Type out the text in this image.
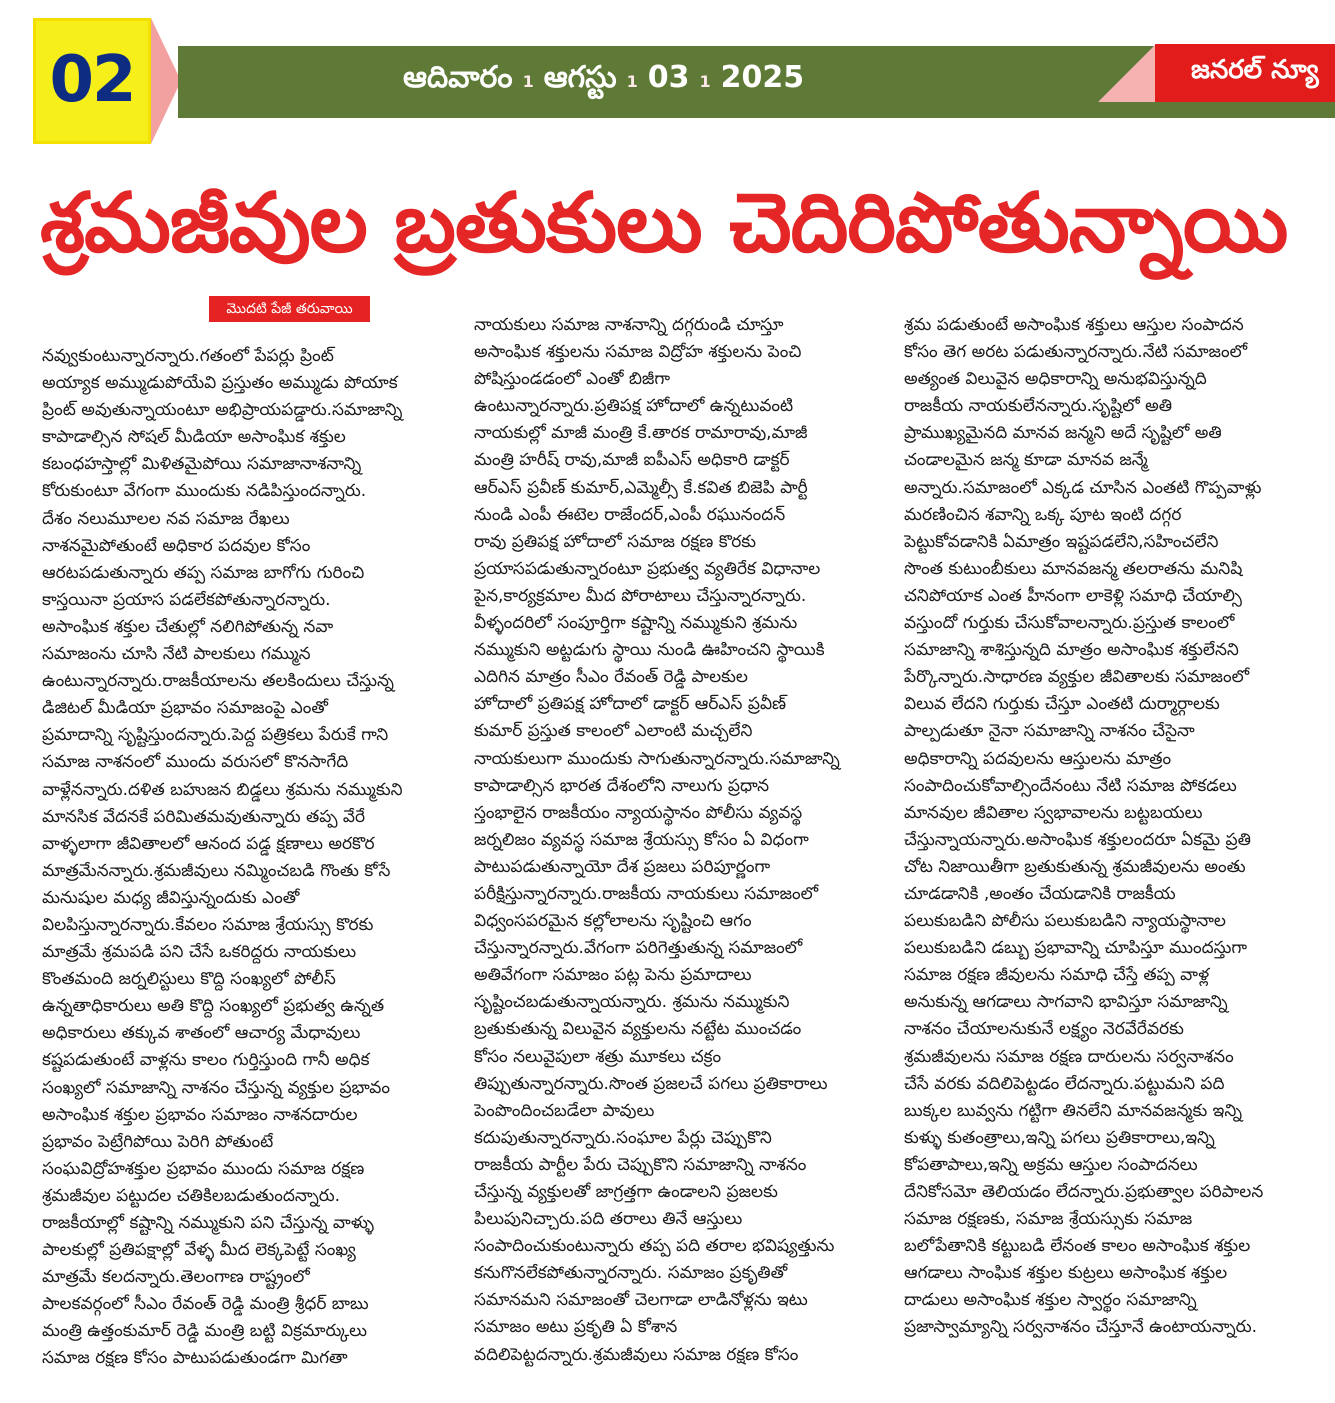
02	ఆదివారం 1 ఆగస్టు 1 03 1 2025	జనరల్ న్యూ
శ్రమజీవుల బ్రతుకులు చెదిరిపోతున్నాయి
మొదటి పేజీ తరువాయి
నవ్వుకుంటున్నారన్నారు.గతంలో పేపర్లు ప్రింట్
అయ్యాక అమ్ముడుపోయేవి ప్రస్తుతం అమ్ముడు పోయాక
ప్రింట్ అవుతున్నాయంటూ అభిప్రాయపడ్డారు.సమాజాన్ని
కాపాడాల్సిన సోషల్ మీడియా అసాంఘిక శక్తుల
కబంధహస్తాల్లో మిళితమైపోయి సమాజానాశనాన్ని
కోరుకుంటూ వేగంగా ముందుకు నడిపిస్తుందన్నారు.
దేశం నలుమూలల నవ సమాజ రేఖలు
నాశనమైపోతుంటే అధికార పదవుల కోసం
ఆరటపడుతున్నారు తప్ప సమాజ బాగోగు గురించి
కాస్తయినా ప్రయాస పడలేకపోతున్నారన్నారు.
అసాంఘిక శక్తుల చేతుల్లో నలిగిపోతున్న నవా
సమాజంను చూసి నేటి పాలకులు గమ్మున
ఉంటున్నారన్నారు.రాజకీయాలను తలకిందులు చేస్తున్న
డిజిటల్ మీడియా ప్రభావం సమాజంపై ఎంతో
ప్రమాదాన్ని సృష్టిస్తుందన్నారు.పెద్ద పత్రికలు పేరుకే గాని
సమాజ నాశనంలో ముందు వరుసలో కొనసాగేది
వాళ్లేనన్నారు.దళిత బహుజన బిడ్డలు శ్రమను నమ్ముకుని
మానసిక వేదనకే పరిమితమవుతున్నారు తప్ప వేరే
వాళ్ళలాగా జీవితాలలో ఆనంద పడ్డ క్షణాలు అరకొర
మాత్రమేనన్నారు.శ్రమజీవులు నమ్మించబడి గొంతు కోసే
మనుషుల మధ్య జీవిస్తున్నందుకు ఎంతో
విలపిస్తున్నారన్నారు.కేవలం సమాజ శ్రేయస్సు కొరకు
మాత్రమే శ్రమపడి పని చేసే ఒకరిద్దరు నాయకులు
కొంతమంది జర్నలిస్టులు కొద్ది సంఖ్యలో పోలీస్
ఉన్నతాధికారులు అతి కొద్ది సంఖ్యలో ప్రభుత్వ ఉన్నత
అధికారులు తక్కువ శాతంలో ఆచార్య మేధావులు
కష్టపడుతుంటే వాళ్లను కాలం గుర్తిస్తుంది గానీ అధిక
సంఖ్యలో సమాజాన్ని నాశనం చేస్తున్న వ్యక్తుల ప్రభావం
అసాంఘిక శక్తుల ప్రభావం సమాజం నాశనదారుల
ప్రభావం పెట్రేగిపోయి పెరిగి పోతుంటే
సంఘవిద్రోహశక్తుల ప్రభావం ముందు సమాజ రక్షణ
శ్రమజీవుల పట్టుదల చతికిలబడుతుందన్నారు.
రాజకీయాల్లో కష్టాన్ని నమ్ముకుని పని చేస్తున్న వాళ్ళు
పాలకుల్లో ప్రతిపక్షాల్లో వేళ్ళ మీద లెక్కపెట్టే సంఖ్య
మాత్రమే కలదన్నారు.తెలంగాణ రాష్ట్రంలో
పాలకవర్గంలో సీఎం రేవంత్ రెడ్డి మంత్రి శ్రీధర్ బాబు
మంత్రి ఉత్తంకుమార్ రెడ్డి మంత్రి బట్టి విక్రమార్కులు
సమాజ రక్షణ కోసం పాటుపడుతుండగా మిగతా
నాయకులు సమాజ నాశనాన్ని దగ్గరుండి చూస్తూ
అసాంఘిక శక్తులను సమాజ విద్రోహ శక్తులను పెంచి
పోషిస్తుండడంలో ఎంతో బిజీగా
ఉంటున్నారన్నారు.ప్రతిపక్ష హోదాలో ఉన్నటువంటి
నాయకుల్లో మాజీ మంత్రి కే.తారక రామారావు,మాజీ
మంత్రి హరీష్ రావు,మాజీ ఐపీఎస్ అధికారి డాక్టర్
ఆర్ఎస్ ప్రవీణ్ కుమార్,ఎమ్మెల్సీ కే.కవిత బిజెపి పార్టీ
నుండి ఎంపీ ఈటెల రాజేందర్,ఎంపీ రఘునందన్
రావు ప్రతిపక్ష హోదాలో సమాజ రక్షణ కొరకు
ప్రయాసపడుతున్నారంటూ ప్రభుత్వ వ్యతిరేక విధానాల
పైన,కార్యక్రమాల మీద పోరాటాలు చేస్తున్నారన్నారు.
వీళ్ళందరిలో సంపూర్తిగా కష్టాన్ని నమ్ముకుని శ్రమను
నమ్ముకుని అట్టడుగు స్థాయి నుండి ఊహించని స్థాయికి
ఎదిగిన మాత్రం సీఎం రేవంత్ రెడ్డి పాలకుల
హోదాలో ప్రతిపక్ష హోదాలో డాక్టర్ ఆర్ఎస్ ప్రవీణ్
కుమార్ ప్రస్తుత కాలంలో ఎలాంటి మచ్చలేని
నాయకులుగా ముందుకు సాగుతున్నారన్నారు.సమాజాన్ని
కాపాడాల్సిన భారత దేశంలోని నాలుగు ప్రధాన
స్తంభాలైన రాజకీయం న్యాయస్థానం పోలీసు వ్యవస్థ
జర్నలిజం వ్యవస్థ సమాజ శ్రేయస్సు కోసం ఏ విధంగా
పాటుపడుతున్నాయో దేశ ప్రజలు పరిపూర్ణంగా
పరీక్షిస్తున్నారన్నారు.రాజకీయ నాయకులు సమాజంలో
విధ్వంసపరమైన కల్లోలాలను సృష్టించి ఆగం
చేస్తున్నారన్నారు.వేగంగా పరిగెత్తుతున్న సమాజంలో
అతివేగంగా సమాజం పట్ల పెను ప్రమాదాలు
సృష్టించబడుతున్నాయన్నారు. శ్రమను నమ్ముకుని
బ్రతుకుతున్న విలువైన వ్యక్తులను నట్టేట ముంచడం
కోసం నలువైపులా శత్రు మూకలు చక్రం
తిప్పుతున్నారన్నారు.సొంత ప్రజలచే పగలు ప్రతికారాలు
పెంపొందించబడేలా పావులు
కదుపుతున్నారన్నారు.సంఘాల పేర్లు చెప్పుకొని
రాజకీయ పార్టీల పేరు చెప్పుకొని సమాజాన్ని నాశనం
చేస్తున్న వ్యక్తులతో జాగ్రత్తగా ఉండాలని ప్రజలకు
పిలుపునిచ్చారు.పది తరాలు తినే ఆస్తులు
సంపాదించుకుంటున్నారు తప్ప పది తరాల భవిష్యత్తును
కనుగొనలేకపోతున్నారన్నారు. సమాజం ప్రకృతితో
సమానమని సమాజంతో చెలగాడా లాడినోళ్లను ఇటు
సమాజం అటు ప్రకృతి ఏ కోశాన
వదిలిపెట్టదన్నారు.శ్రమజీవులు సమాజ రక్షణ కోసం
శ్రమ పడుతుంటే అసాంఘిక శక్తులు ఆస్తుల సంపాదన
కోసం తెగ అరట పడుతున్నారన్నారు.నేటి సమాజంలో
అత్యంత విలువైన అధికారాన్ని అనుభవిస్తున్నది
రాజకీయ నాయకులేనన్నారు.సృష్టిలో అతి
ప్రాముఖ్యమైనది మానవ జన్మని అదే సృష్టిలో అతి
చండాలమైన జన్మ కూడా మానవ జన్మే
అన్నారు.సమాజంలో ఎక్కడ చూసిన ఎంతటి గొప్పవాళ్లు
మరణించిన శవాన్ని ఒక్క పూట ఇంటి దగ్గర
పెట్టుకోవడానికి ఏమాత్రం ఇష్టపడలేని,సహించలేని
సొంత కుటుంబీకులు మానవజన్మ తలరాతను మనిషి
చనిపోయాక ఎంత హీనంగా లాకెళ్లి సమాధి చేయాల్సి
వస్తుందో గుర్తుకు చేసుకోవాలన్నారు.ప్రస్తుత కాలంలో
సమాజాన్ని శాశిస్తున్నది మాత్రం అసాంఘిక శక్తులేనని
పేర్కొన్నారు.సాధారణ వ్యక్తుల జీవితాలకు సమాజంలో
విలువ లేదని గుర్తుకు చేస్తూ ఎంతటి దుర్మార్గాలకు
పాల్పడుతూ నైనా సమాజాన్ని నాశనం చేసైనా
అధికారాన్ని పదవులను ఆస్తులను మాత్రం
సంపాదించుకోవాల్సిందేనంటు నేటి సమాజ పోకడలు
మానవుల జీవితాల స్వభావాలను బట్టబయలు
చేస్తున్నాయన్నారు.అసాంఘిక శక్తులందరూ ఏకమై ప్రతి
చోట నిజాయితీగా బ్రతుకుతున్న శ్రమజీవులను అంతు
చూడడానికి ,అంతం చేయడానికి రాజకీయ
పలుకుబడిని పోలీసు పలుకుబడిని న్యాయస్థానాల
పలుకుబడిని డబ్బు ప్రభావాన్ని చూపిస్తూ ముందస్తుగా
సమాజ రక్షణ జీవులను సమాధి చేస్తే తప్ప వాళ్ల
అనుకున్న ఆగడాలు సాగవాని భావిస్తూ సమాజాన్ని
నాశనం చేయాలనుకునే లక్ష్యం నెరవేరేవరకు
శ్రమజీవులను సమాజ రక్షణ దారులను సర్వనాశనం
చేసే వరకు వదిలిపెట్టడం లేదన్నారు.పట్టుమని పది
బుక్కల బువ్వను గట్టిగా తినలేని మానవజన్మకు ఇన్ని
కుళ్ళు కుతంత్రాలు,ఇన్ని పగలు ప్రతికారాలు,ఇన్ని
కోపతాపాలు,ఇన్ని అక్రమ ఆస్తుల సంపాదనలు
దేనికోసమో తెలియడం లేదన్నారు.ప్రభుత్వాల పరిపాలన
సమాజ రక్షణకు, సమాజ శ్రేయస్సుకు సమాజ
బలోపేతానికి కట్టుబడి లేనంత కాలం అసాంఘిక శక్తుల
ఆగడాలు సాంఘిక శక్తుల కుట్రలు అసాంఘిక శక్తుల
దాడులు అసాంఘిక శక్తుల స్వార్థం సమాజాన్ని
ప్రజాస్వామ్యాన్ని సర్వనాశనం చేస్తూనే ఉంటాయన్నారు.
